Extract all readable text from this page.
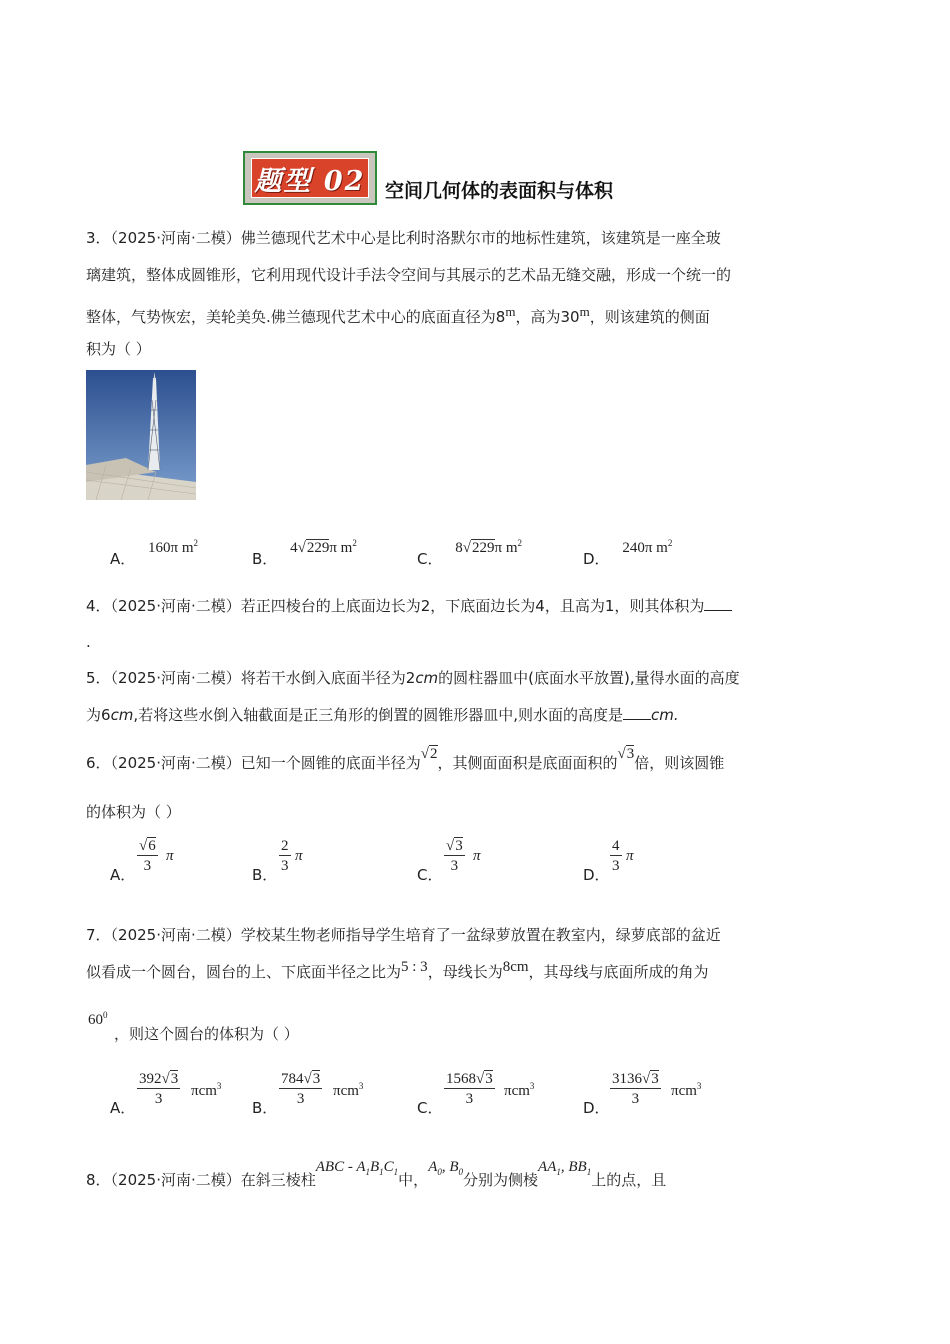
题型 02 空间几何体的表面积与体积
3．（2025·河南·二模）佛兰德现代艺术中心是比利时洛默尔市的地标性建筑，该建筑是一座全玻
璃建筑，整体成圆锥形，它利用现代设计手法令空间与其展示的艺术品无缝交融，形成一个统一的
整体，气势恢宏，美轮美奂.佛兰德现代艺术中心的底面直径为8$^m$，高为30$^m$，则该建筑的侧面
积为（ ）
A． 160π $m^2$
B． 4√229π $m^2$
C． 8√229π $m^2$
D． 240π $m^2$
4．（2025·河南·二模）若正四棱台的上底面边长为2，下底面边长为4，且高为1，则其体积为
.
5．（2025·河南·二模）将若干水倒入底面半径为2cm的圆柱器皿中(底面水平放置),量得水面的高度
为6cm,若将这些水倒入轴截面是正三角形的倒置的圆锥形器皿中,则水面的高度是 cm.
6．（2025·河南·二模）已知一个圆锥的底面半径为√2，其侧面面积是底面面积的√3倍，则该圆锥
的体积为（ ）
A． $\frac{√6}{3}$ π
B． $\frac{2}{3}$ π
C． $\frac{√3}{3}$ π
D． $\frac{4}{3}$ π
7．（2025·河南·二模）学校某生物老师指导学生培育了一盆绿萝放置在教室内，绿萝底部的盆近
似看成一个圆台，圆台的上、下底面半径之比为5 : 3，母线长为8cm，其母线与底面所成的角为
$60^0$
，则这个圆台的体积为（ ）
A． $\frac{392√3}{3} \pi cm^3$
B． $\frac{784√3}{3} \pi cm^3$
C． $\frac{1568√3}{3} \pi cm^3$
D． $\frac{3136√3}{3} \pi cm^3$
8．（2025·河南·二模）在斜三棱柱ABC - $A_1B_1C_1$中，$A_0$, $B_0$分别为侧棱$AA_1$, $BB_1$上的点，且
